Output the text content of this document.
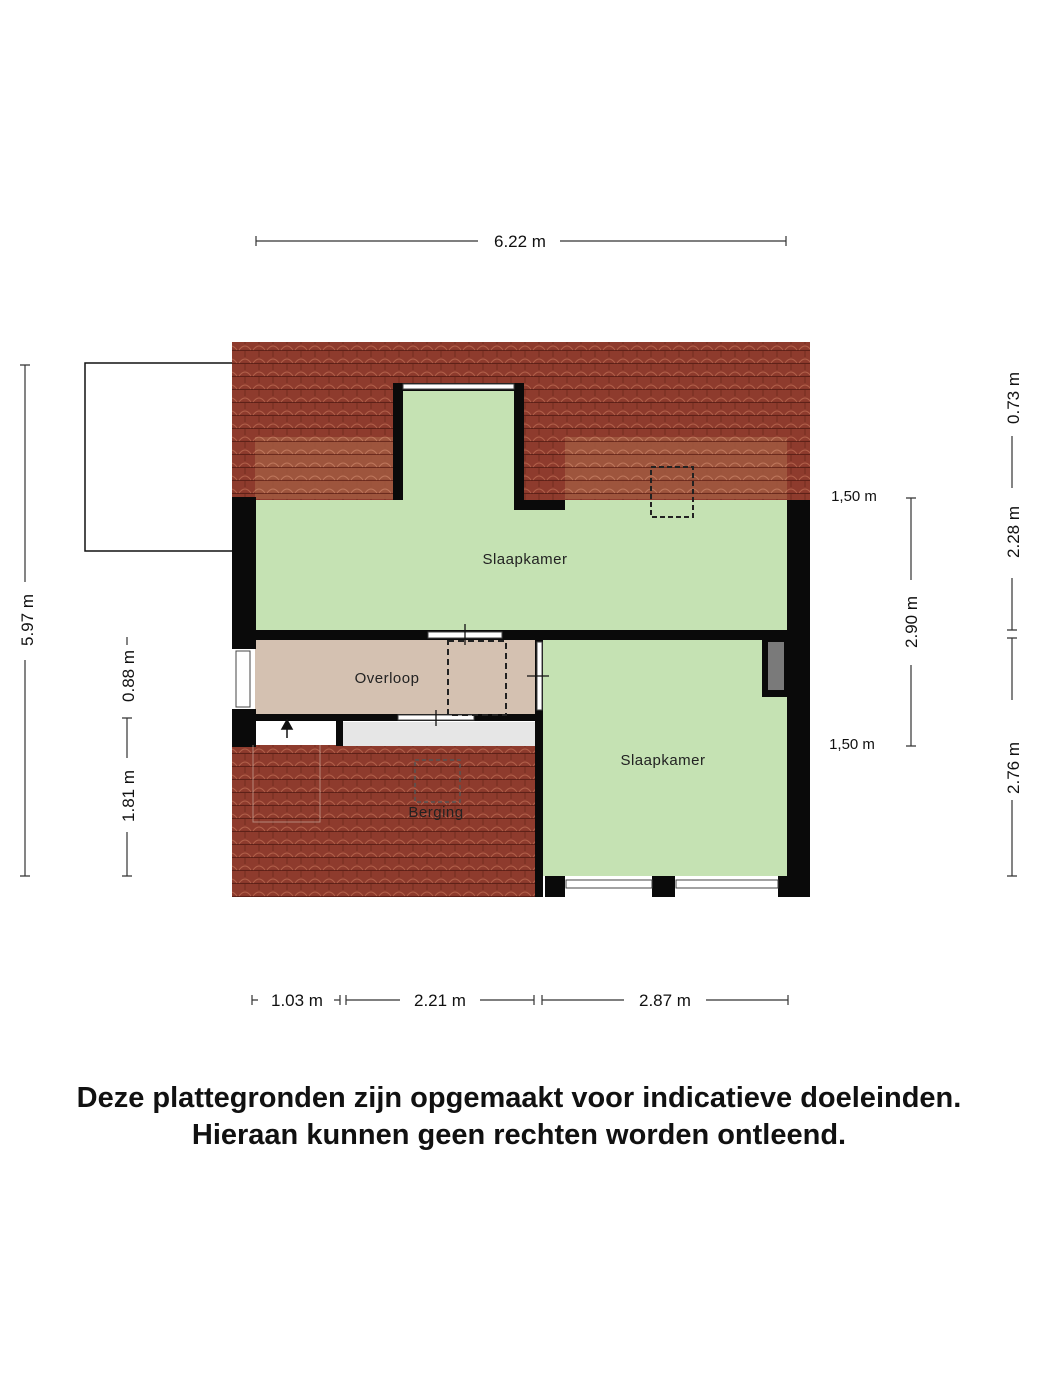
Slaapkamer
Overloop
Slaapkamer
Berging
6.22 m
5.97 m
0.88 m
1.81 m
1,50 m
1,50 m
2.90 m
0.73 m
2.28 m
2.76 m
1.03 m	2.21 m	2.87 m
Deze plattegronden zijn opgemaakt voor indicatieve doeleinden.
Hieraan kunnen geen rechten worden ontleend.
